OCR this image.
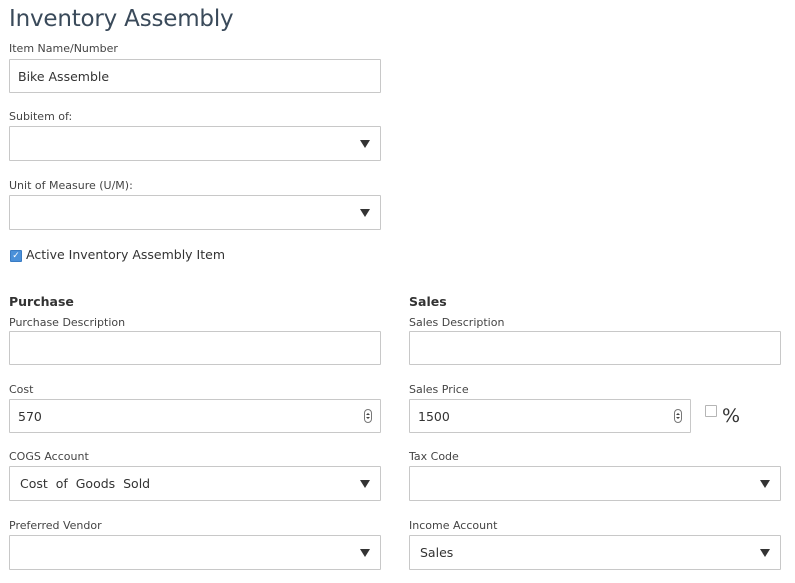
Inventory Assembly
Item Name/Number
Bike Assemble
Subitem of:
Unit of Measure (U/M):
✓ Active Inventory Assembly Item
Purchase
Purchase Description
Cost
570
COGS Account
Cost  of  Goods  Sold
Preferred Vendor
Sales
Sales Description
Sales Price
1500	%
Tax Code
Income Account
Sales
